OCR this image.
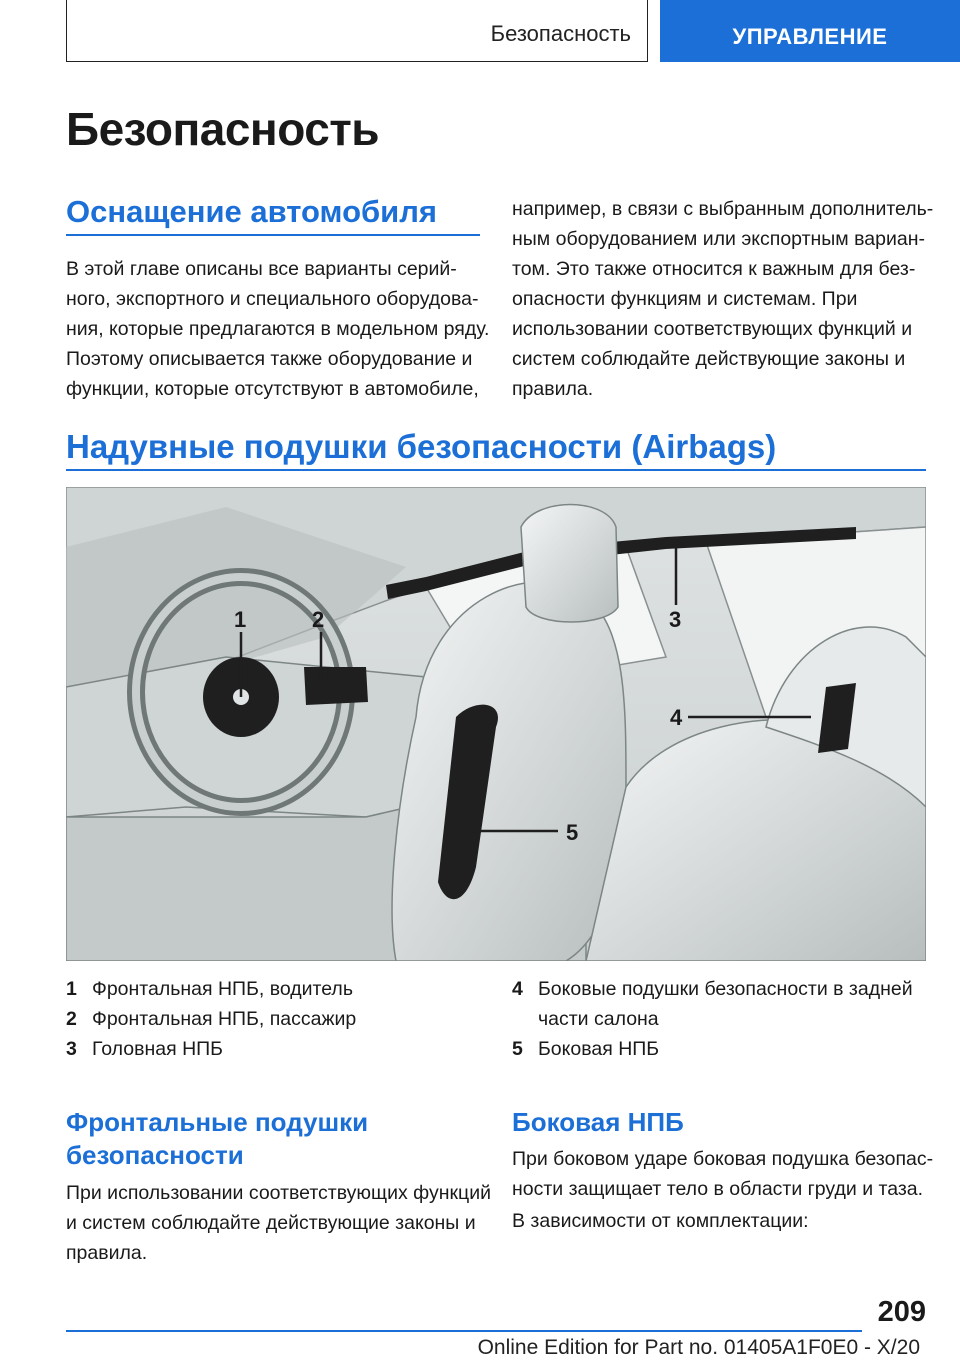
Безопасность	УПРАВЛЕНИЕ
Безопасность
Оснащение автомобиля
В этой главе описаны все варианты серий-
ного, экспортного и специального оборудова-
ния, которые предлагаются в модельном ряду.
Поэтому описывается также оборудование и
функции, которые отсутствуют в автомобиле,
например, в связи с выбранным дополнитель-
ным оборудованием или экспортным вариан-
том. Это также относится к важным для без-
опасности функциям и системам. При
использовании соответствующих функций и
систем соблюдайте действующие законы и
правила.
Надувные подушки безопасности (Airbags)
1	2	3
4
5
1 Фронтальная НПБ, водитель
2 Фронтальная НПБ, пассажир
3 Головная НПБ
4 Боковые подушки безопасности в задней части салона
5 Боковая НПБ
Фронтальные подушки
безопасности
При использовании соответствующих функций
и систем соблюдайте действующие законы и
правила.
Боковая НПБ
При боковом ударе боковая подушка безопас-
ности защищает тело в области груди и таза.
В зависимости от комплектации:
209
Online Edition for Part no. 01405A1F0E0 - X/20
